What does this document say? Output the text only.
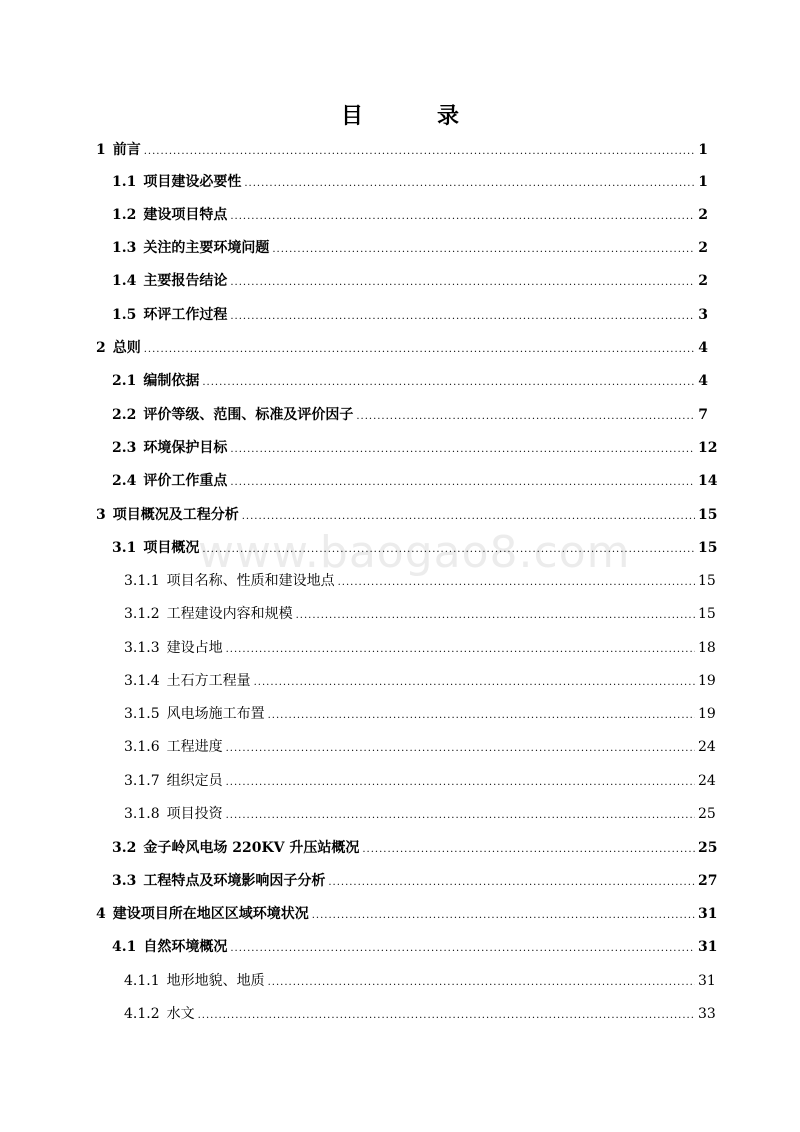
目　录
www.baogao8.com
1 前言 .....	1
1.1 项目建设必要性 .....	1
1.2 建设项目特点 .....	2
1.3 关注的主要环境问题 .....	2
1.4 主要报告结论 .....	2
1.5 环评工作过程 .....	3
2 总则 .....	4
2.1 编制依据 .....	4
2.2 评价等级、范围、标准及评价因子 .....	7
2.3 环境保护目标 .....	12
2.4 评价工作重点 .....	14
3 项目概况及工程分析 .....	15
3.1 项目概况 .....	15
3.1.1 项目名称、性质和建设地点 .....	15
3.1.2 工程建设内容和规模 .....	15
3.1.3 建设占地 .....	18
3.1.4 土石方工程量 .....	19
3.1.5 风电场施工布置 .....	19
3.1.6 工程进度 .....	24
3.1.7 组织定员 .....	24
3.1.8 项目投资 .....	25
3.2 金子岭风电场 220KV 升压站概况 .....	25
3.3 工程特点及环境影响因子分析 .....	27
4 建设项目所在地区区域环境状况 .....	31
4.1 自然环境概况 .....	31
4.1.1 地形地貌、地质 .....	31
4.1.2 水文 .....	33
